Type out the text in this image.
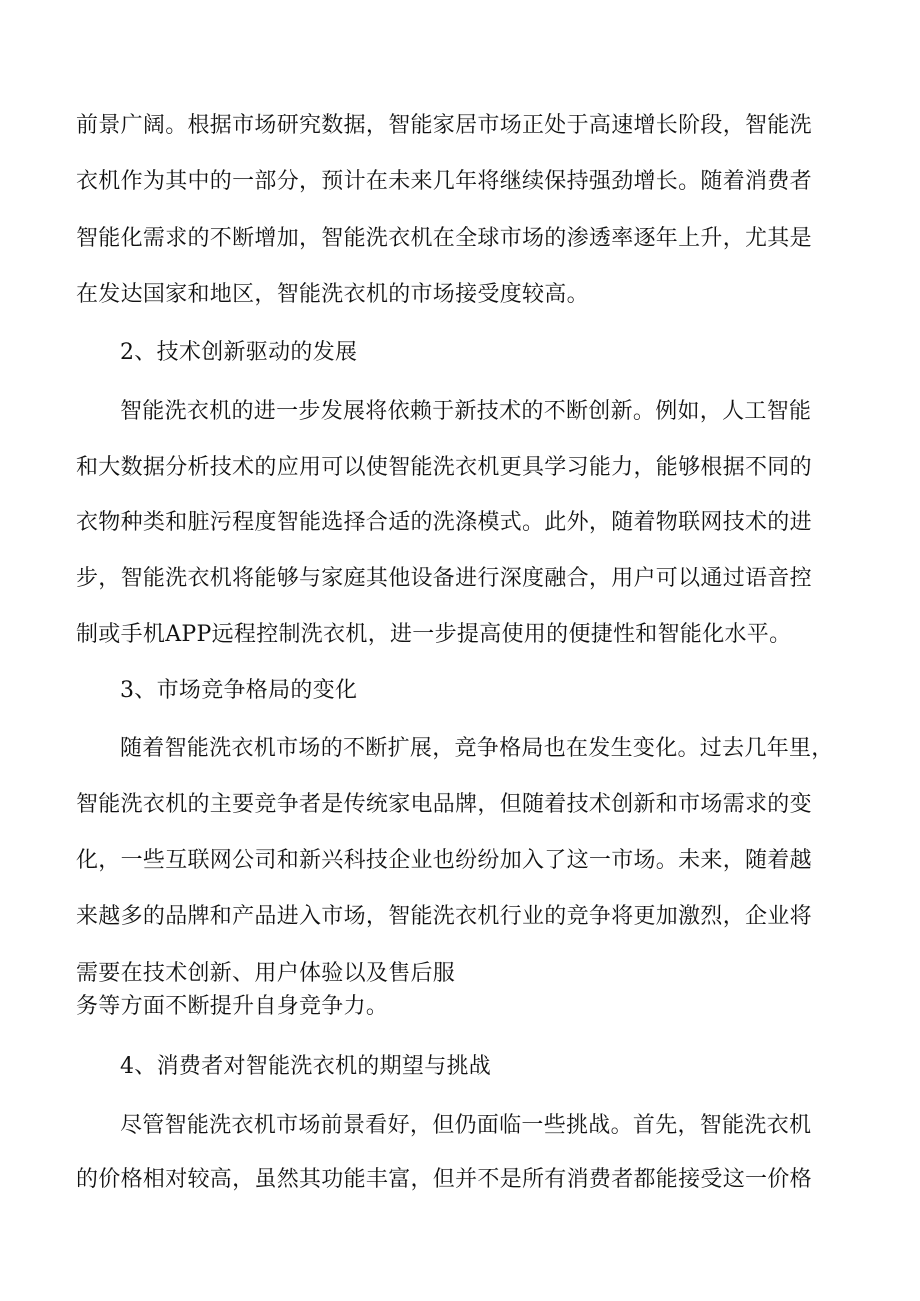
前景广阔。根据市场研究数据，智能家居市场正处于高速增长阶段，智能洗
衣机作为其中的一部分，预计在未来几年将继续保持强劲增长。随着消费者
智能化需求的不断增加，智能洗衣机在全球市场的渗透率逐年上升，尤其是
在发达国家和地区，智能洗衣机的市场接受度较高。
2、技术创新驱动的发展
智能洗衣机的进一步发展将依赖于新技术的不断创新。例如，人工智能
和大数据分析技术的应用可以使智能洗衣机更具学习能力，能够根据不同的
衣物种类和脏污程度智能选择合适的洗涤模式。此外，随着物联网技术的进
步，智能洗衣机将能够与家庭其他设备进行深度融合，用户可以通过语音控
制或手机APP远程控制洗衣机，进一步提高使用的便捷性和智能化水平。
3、市场竞争格局的变化
随着智能洗衣机市场的不断扩展，竞争格局也在发生变化。过去几年里，
智能洗衣机的主要竞争者是传统家电品牌，但随着技术创新和市场需求的变
化，一些互联网公司和新兴科技企业也纷纷加入了这一市场。未来，随着越
来越多的品牌和产品进入市场，智能洗衣机行业的竞争将更加激烈，企业将
需要在技术创新、用户体验以及售后服
务等方面不断提升自身竞争力。
4、消费者对智能洗衣机的期望与挑战
尽管智能洗衣机市场前景看好，但仍面临一些挑战。首先，智能洗衣机
的价格相对较高，虽然其功能丰富，但并不是所有消费者都能接受这一价格
